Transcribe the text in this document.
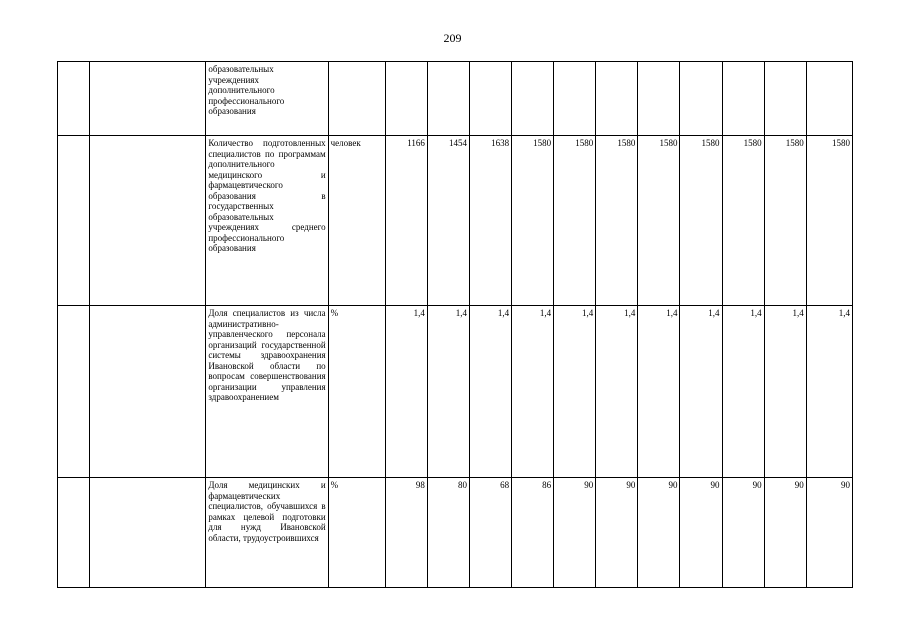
209
		образовательных учреждениях дополнительного профессионального образования												
		Количество подготовленных специалистов по программам дополнительного медицинского и фармацевтического образования в государственных образовательных учреждениях среднего профессионального образования	человек	1166	1454	1638	1580	1580	1580	1580	1580	1580	1580	1580
		Доля специалистов из числа административно-управленческого персонала организаций государственной системы здравоохранения Ивановской области по вопросам совершенствования организации управления здравоохранением	%	1,4	1,4	1,4	1,4	1,4	1,4	1,4	1,4	1,4	1,4	1,4
		Доля медицинских и фармацевтических специалистов, обучавшихся в рамках целевой подготовки для нужд Ивановской области, трудоустроившихся	%	98	80	68	86	90	90	90	90	90	90	90
